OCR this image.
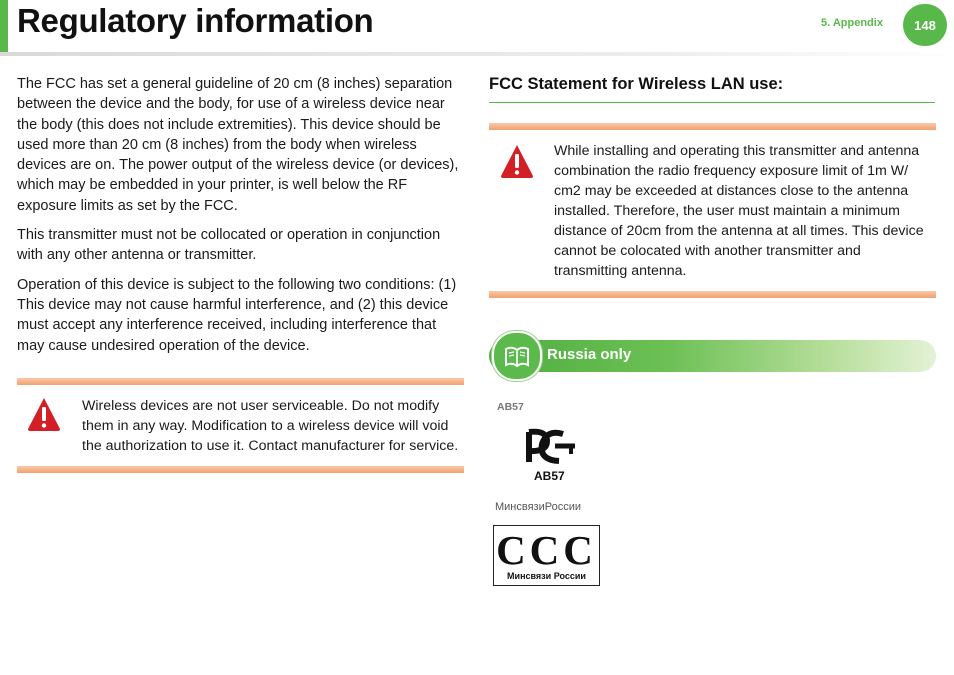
Regulatory information	5. Appendix	148

The FCC has set a general guideline of 20 cm (8 inches) separation between the device and the body, for use of a wireless device near the body (this does not include extremities). This device should be used more than 20 cm (8 inches) from the body when wireless devices are on. The power output of the wireless device (or devices), which may be embedded in your printer, is well below the RF exposure limits as set by the FCC.

This transmitter must not be collocated or operation in conjunction with any other antenna or transmitter.

Operation of this device is subject to the following two conditions: (1) This device may not cause harmful interference, and (2) this device must accept any interference received, including interference that may cause undesired operation of the device.

Wireless devices are not user serviceable. Do not modify them in any way. Modification to a wireless device will void the authorization to use it. Contact manufacturer for service.

FCC Statement for Wireless LAN use:

While installing and operating this transmitter and antenna combination the radio frequency exposure limit of 1m W/ cm2 may be exceeded at distances close to the antenna installed. Therefore, the user must maintain a minimum distance of 20cm from the antenna at all times. This device cannot be colocated with another transmitter and transmitting antenna.

Russia only
AB57
AB57
МинсвязиРоссии
CCC
Минсвязи России
